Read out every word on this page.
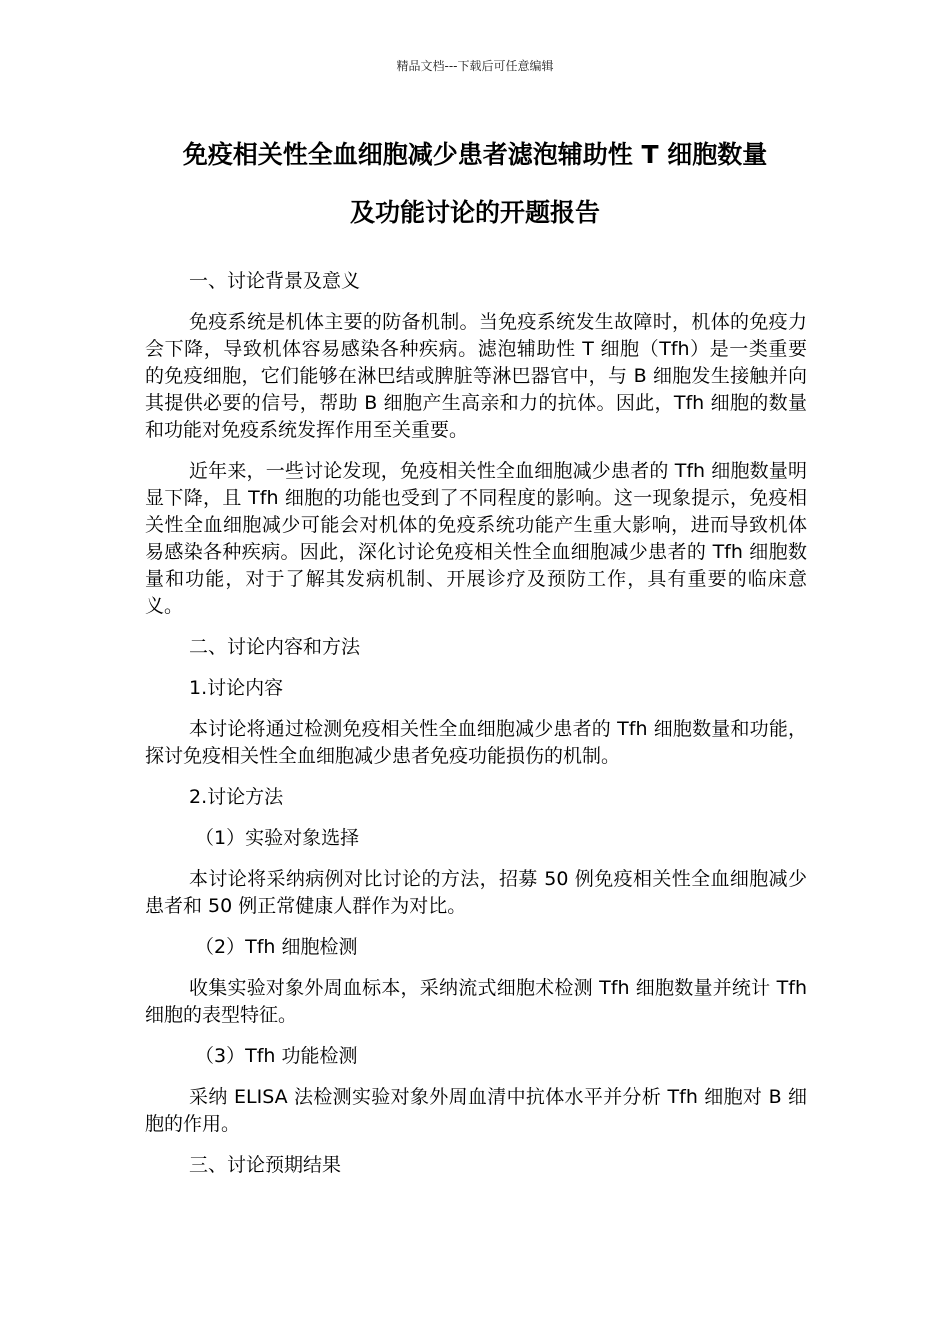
精品文档---下载后可任意编辑
免疫相关性全血细胞减少患者滤泡辅助性 T 细胞数量
及功能讨论的开题报告

一、讨论背景及意义

免疫系统是机体主要的防备机制。当免疫系统发生故障时，机体的免疫力会下降，导致机体容易感染各种疾病。滤泡辅助性 T 细胞（Tfh）是一类重要的免疫细胞，它们能够在淋巴结或脾脏等淋巴器官中，与 B 细胞发生接触并向其提供必要的信号，帮助 B 细胞产生高亲和力的抗体。因此，Tfh 细胞的数量和功能对免疫系统发挥作用至关重要。

近年来，一些讨论发现，免疫相关性全血细胞减少患者的 Tfh 细胞数量明显下降，且 Tfh 细胞的功能也受到了不同程度的影响。这一现象提示，免疫相关性全血细胞减少可能会对机体的免疫系统功能产生重大影响，进而导致机体易感染各种疾病。因此，深化讨论免疫相关性全血细胞减少患者的 Tfh 细胞数量和功能，对于了解其发病机制、开展诊疗及预防工作，具有重要的临床意义。

二、讨论内容和方法

1.讨论内容

本讨论将通过检测免疫相关性全血细胞减少患者的 Tfh 细胞数量和功能，探讨免疫相关性全血细胞减少患者免疫功能损伤的机制。

2.讨论方法

（1）实验对象选择

本讨论将采纳病例对比讨论的方法，招募 50 例免疫相关性全血细胞减少患者和 50 例正常健康人群作为对比。

（2）Tfh 细胞检测

收集实验对象外周血标本，采纳流式细胞术检测 Tfh 细胞数量并统计 Tfh 细胞的表型特征。

（3）Tfh 功能检测

采纳 ELISA 法检测实验对象外周血清中抗体水平并分析 Tfh 细胞对 B 细胞的作用。

三、讨论预期结果
